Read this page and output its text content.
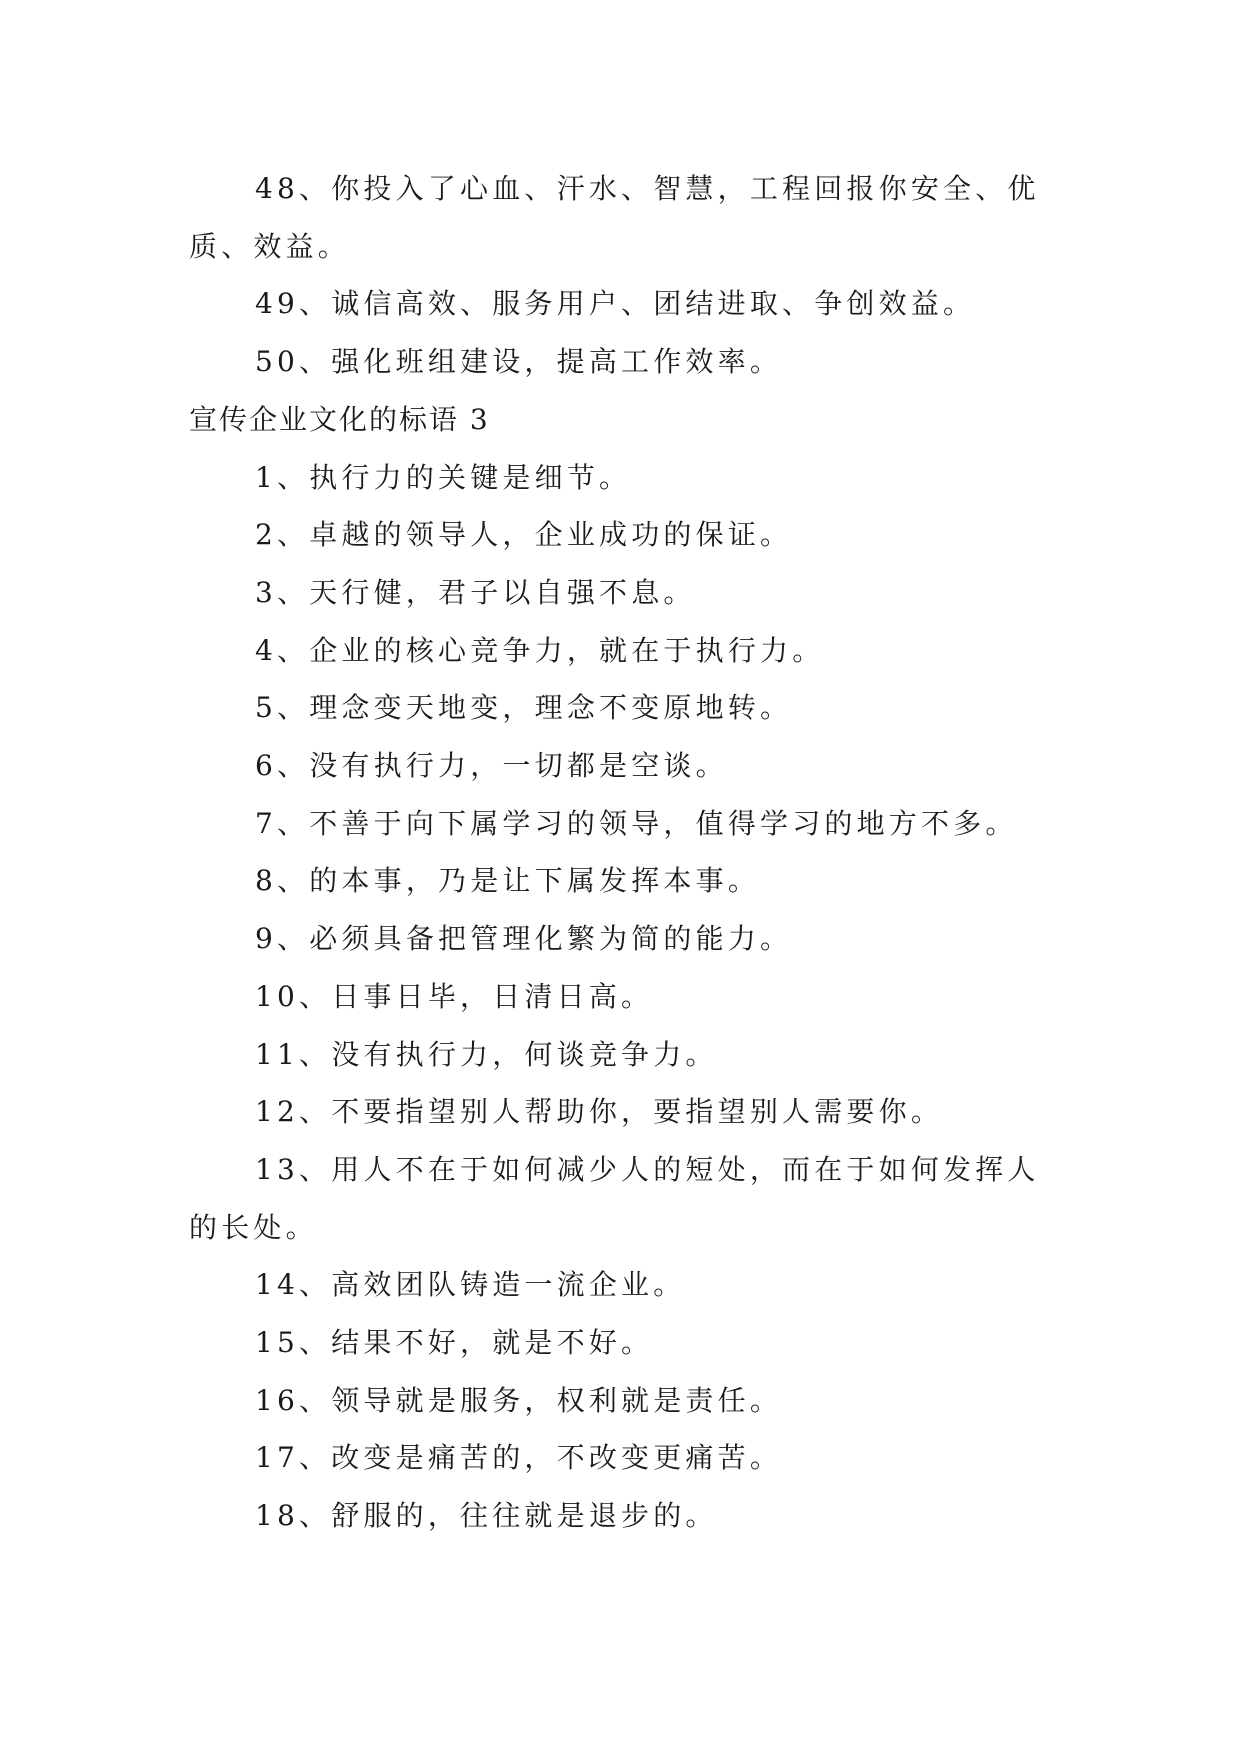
48、你投入了心血、汗水、智慧，工程回报你安全、优质、效益。

49、诚信高效、服务用户、团结进取、争创效益。

50、强化班组建设，提高工作效率。

宣传企业文化的标语 3

1、执行力的关键是细节。

2、卓越的领导人，企业成功的保证。

3、天行健，君子以自强不息。

4、企业的核心竞争力，就在于执行力。

5、理念变天地变，理念不变原地转。

6、没有执行力，一切都是空谈。

7、不善于向下属学习的领导，值得学习的地方不多。

8、的本事，乃是让下属发挥本事。

9、必须具备把管理化繁为简的能力。

10、日事日毕，日清日高。

11、没有执行力，何谈竞争力。

12、不要指望别人帮助你，要指望别人需要你。

13、用人不在于如何减少人的短处，而在于如何发挥人的长处。

14、高效团队铸造一流企业。

15、结果不好，就是不好。

16、领导就是服务，权利就是责任。

17、改变是痛苦的，不改变更痛苦。

18、舒服的，往往就是退步的。
